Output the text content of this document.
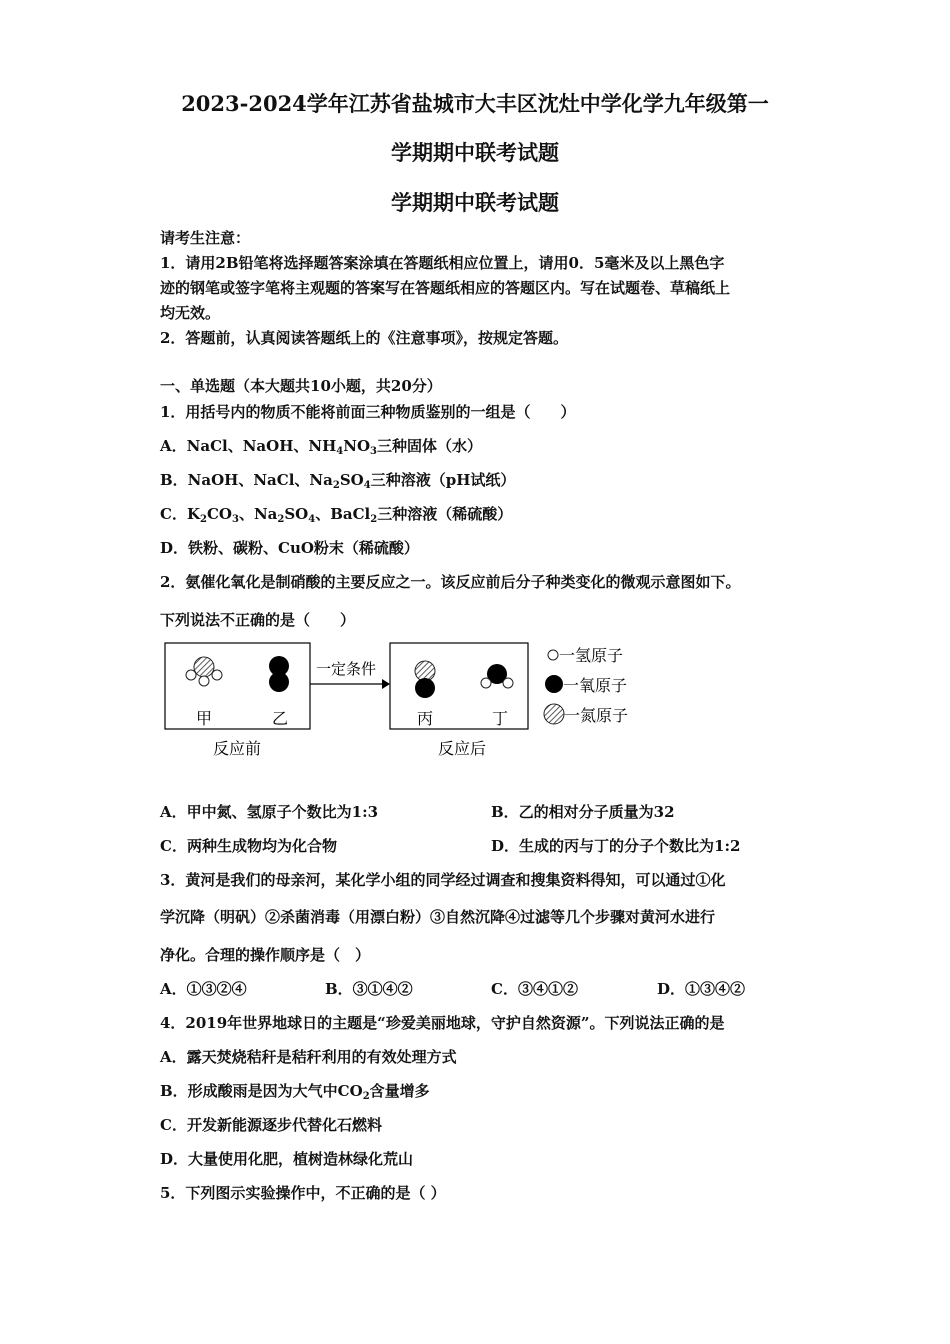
2023-2024学年江苏省盐城市大丰区沈灶中学化学九年级第一
学期期中联考试题
学期期中联考试题
请考生注意：
1．请用2B铅笔将选择题答案涂填在答题纸相应位置上，请用0．5毫米及以上黑色字
迹的钢笔或签字笔将主观题的答案写在答题纸相应的答题区内。写在试题卷、草稿纸上
均无效。
2．答题前，认真阅读答题纸上的《注意事项》，按规定答题。
一、单选题（本大题共10小题，共20分）
1．用括号内的物质不能将前面三种物质鉴别的一组是（　　）
A．NaCl、NaOH、$NH_4NO_3$三种固体（水）
B．NaOH、NaCl、$Na_2SO_4$三种溶液（pH试纸）
C．$K_2CO_3$、$Na_2SO_4$、BaCl$_2$三种溶液（稀硫酸）
D．铁粉、碳粉、CuO粉末（稀硫酸）
2．氨催化氧化是制硝酸的主要反应之一。该反应前后分子种类变化的微观示意图如下。
下列说法不正确的是（　　）
甲	乙
一定条件
丙	丁
一氢原子
一氧原子
一氮原子
反应前	反应后
A．甲中氮、氢原子个数比为1:3	B．乙的相对分子质量为32
C．两种生成物均为化合物	D．生成的丙与丁的分子个数比为1:2
3．黄河是我们的母亲河，某化学小组的同学经过调查和搜集资料得知，可以通过①化
学沉降（明矾）②杀菌消毒（用漂白粉）③自然沉降④过滤等几个步骤对黄河水进行
净化。合理的操作顺序是（　）
A．①③②④	B．③①④②	C．③④①②	D．①③④②
4．2019年世界地球日的主题是“珍爱美丽地球，守护自然资源”。下列说法正确的是
A．露天焚烧秸秆是秸秆利用的有效处理方式
B．形成酸雨是因为大气中$CO_2$含量增多
C．开发新能源逐步代替化石燃料
D．大量使用化肥，植树造林绿化荒山
5．下列图示实验操作中，不正确的是（ ）
